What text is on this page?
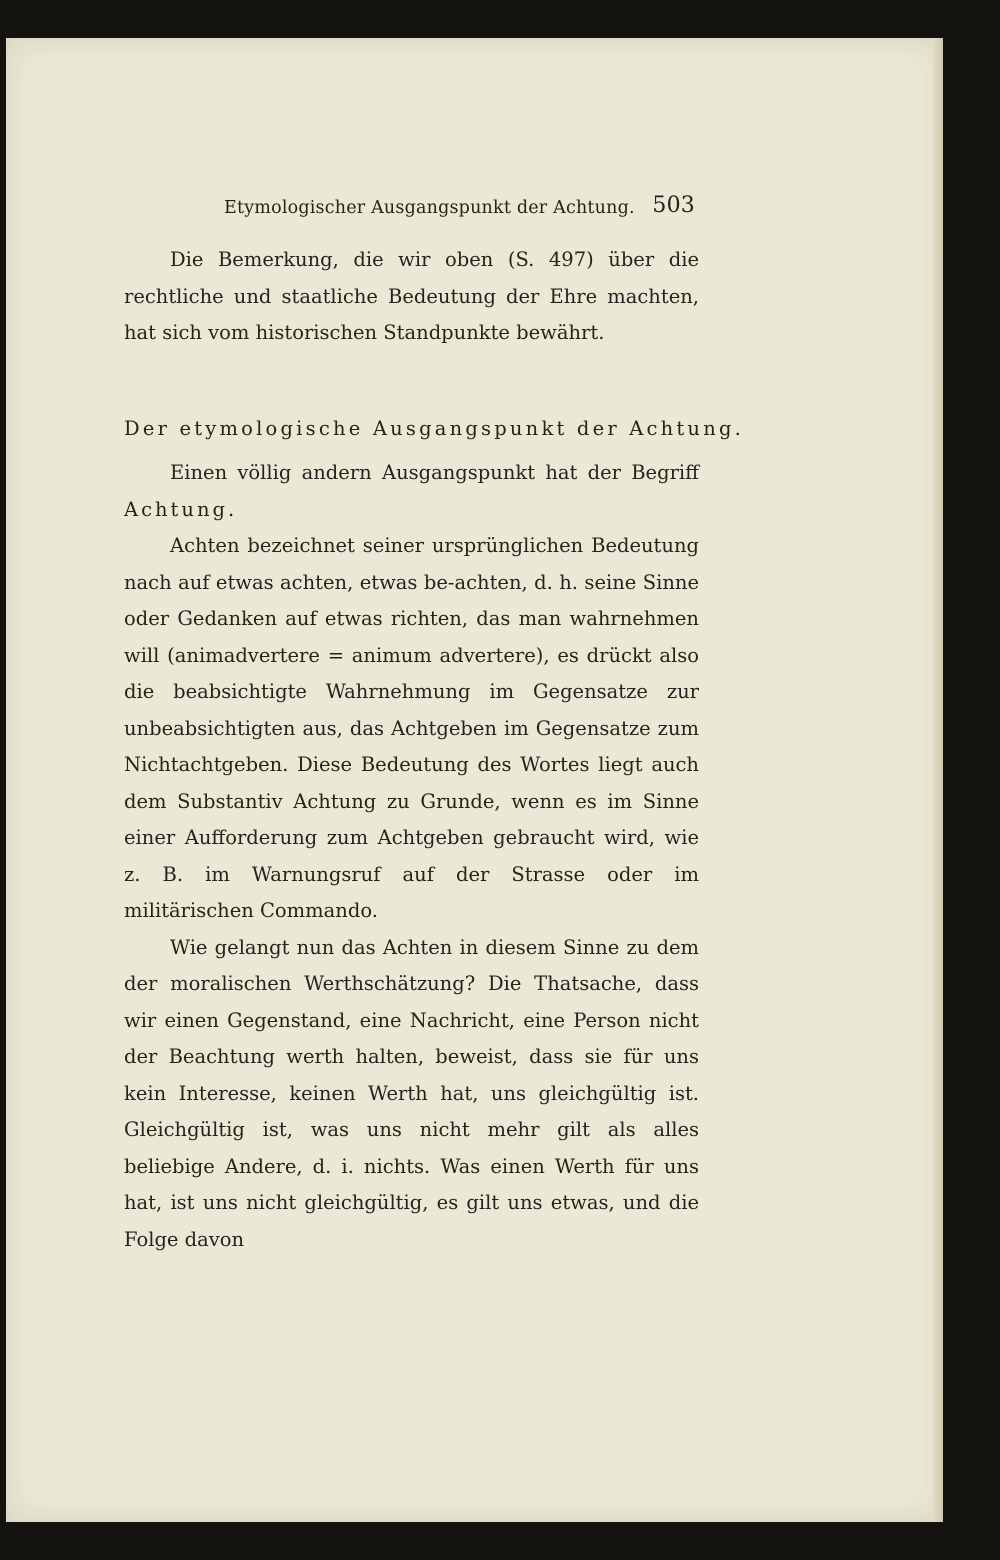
Etymologischer Ausgangspunkt der Achtung. 503

Die Bemerkung, die wir oben (S. 497) über die rechtliche und staatliche Bedeutung der Ehre machten, hat sich vom historischen Standpunkte bewährt.

Der etymologische Ausgangspunkt der Achtung.

Einen völlig andern Ausgangspunkt hat der Begriff Achtung.

Achten bezeichnet seiner ursprünglichen Bedeutung nach auf etwas achten, etwas be-achten, d. h. seine Sinne oder Gedanken auf etwas richten, das man wahrnehmen will (animadvertere = animum advertere), es drückt also die beabsichtigte Wahrnehmung im Gegensatze zur unbeabsichtigten aus, das Achtgeben im Gegensatze zum Nichtachtgeben. Diese Bedeutung des Wortes liegt auch dem Substantiv Achtung zu Grunde, wenn es im Sinne einer Aufforderung zum Achtgeben gebraucht wird, wie z. B. im Warnungsruf auf der Strasse oder im militärischen Commando.

Wie gelangt nun das Achten in diesem Sinne zu dem der moralischen Werthschätzung? Die Thatsache, dass wir einen Gegenstand, eine Nachricht, eine Person nicht der Beachtung werth halten, beweist, dass sie für uns kein Interesse, keinen Werth hat, uns gleichgültig ist. Gleichgültig ist, was uns nicht mehr gilt als alles beliebige Andere, d. i. nichts. Was einen Werth für uns hat, ist uns nicht gleichgültig, es gilt uns etwas, und die Folge davon
